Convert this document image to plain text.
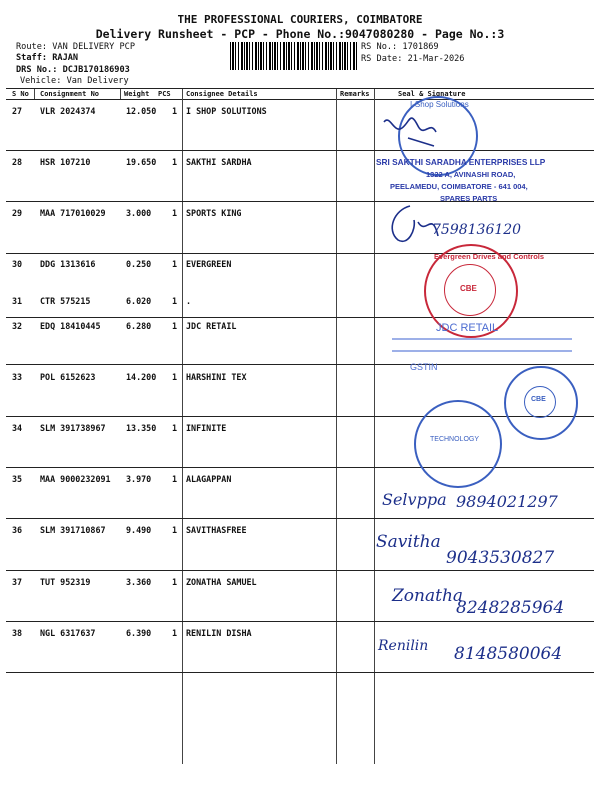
THE PROFESSIONAL COURIERS, COIMBATORE
Delivery Runsheet - PCP - Phone No.:9047080280 - Page No.:3
Route: VAN DELIVERY PCP
Staff: RAJAN
DRS No.: DCJB170186903
Vehicle: Van Delivery
RS No.: 1701869
RS Date: 21-Mar-2026
S No Consignment No	Weight PCS Consignee Details	Remarks	Seal & Signature
27 VLR 2024374	12.050 1 I SHOP SOLUTIONS
28 HSR 107210	19.650 1 SAKTHI SARDHA
29 MAA 717010029 3.000 1 SPORTS KING
30 DDG 1313616	0.250 1 EVERGREEN
31 CTR 575215	6.020 1 .
32 EDQ 18410445	6.280 1 JDC RETAIL
33 POL 6152623	14.200 1 HARSHINI TEX
34 SLM 391738967 13.350 1 INFINITE
35 MAA 9000232091 3.970 1 ALAGAPPAN
36 SLM 391710867 9.490 1 SAVITHASFREE
37 TUT 952319	3.360 1 ZONATHA SAMUEL
38 NGL 6317637	6.390 1 RENILIN DISHA
I-Shop Solutions
SRI SAKTHI SARADHA ENTERPRISES LLP
1322 A, AVINASHI ROAD,
PEELAMEDU, COIMBATORE - 641 004,
SPARES PARTS
7598136120
Evergreen Drives and Controls
CBE
JDC RETAIL
GSTIN
CBE
TECHNOLOGY
Selvppa 9894021297
Savitha
9043530827
Zonatha
8248285964
Renilin 8148580064
